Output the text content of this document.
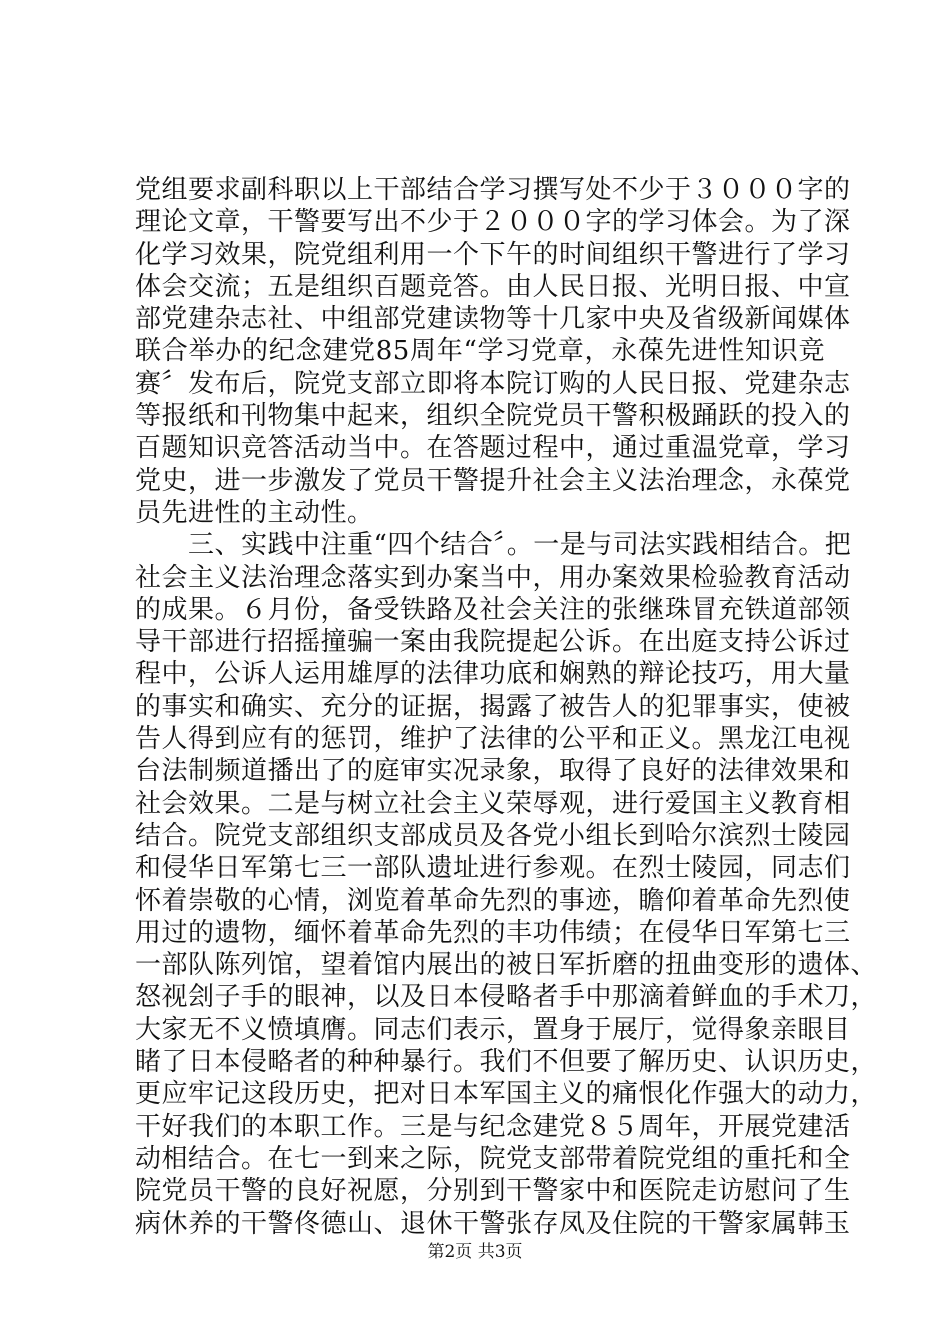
党组要求副科职以上干部结合学习撰写处不少于３０００字的
理论文章，干警要写出不少于２０００字的学习体会。为了深
化学习效果，院党组利用一个下午的时间组织干警进行了学习
体会交流；五是组织百题竞答。由人民日报、光明日报、中宣
部党建杂志社、中组部党建读物等十几家中央及省级新闻媒体
联合举办的纪念建党85周年“学习党章，永葆先进性知识竞
赛〞发布后，院党支部立即将本院订购的人民日报、党建杂志
等报纸和刊物集中起来，组织全院党员干警积极踊跃的投入的
百题知识竞答活动当中。在答题过程中，通过重温党章，学习
党史，进一步激发了党员干警提升社会主义法治理念，永葆党
员先进性的主动性。
　　三、实践中注重“四个结合〞。一是与司法实践相结合。把
社会主义法治理念落实到办案当中，用办案效果检验教育活动
的成果。６月份，备受铁路及社会关注的张继珠冒充铁道部领
导干部进行招摇撞骗一案由我院提起公诉。在出庭支持公诉过
程中，公诉人运用雄厚的法律功底和娴熟的辩论技巧，用大量
的事实和确实、充分的证据，揭露了被告人的犯罪事实，使被
告人得到应有的惩罚，维护了法律的公平和正义。黑龙江电视
台法制频道播出了的庭审实况录象，取得了良好的法律效果和
社会效果。二是与树立社会主义荣辱观，进行爱国主义教育相
结合。院党支部组织支部成员及各党小组长到哈尔滨烈士陵园
和侵华日军第七三一部队遗址进行参观。在烈士陵园，同志们
怀着崇敬的心情，浏览着革命先烈的事迹，瞻仰着革命先烈使
用过的遗物，缅怀着革命先烈的丰功伟绩；在侵华日军第七三
一部队陈列馆，望着馆内展出的被日军折磨的扭曲变形的遗体、
怒视刽子手的眼神，以及日本侵略者手中那滴着鲜血的手术刀，
大家无不义愤填膺。同志们表示，置身于展厅，觉得象亲眼目
睹了日本侵略者的种种暴行。我们不但要了解历史、认识历史，
更应牢记这段历史，把对日本军国主义的痛恨化作强大的动力，
干好我们的本职工作。三是与纪念建党８５周年，开展党建活
动相结合。在七一到来之际，院党支部带着院党组的重托和全
院党员干警的良好祝愿，分别到干警家中和医院走访慰问了生
病休养的干警佟德山、退休干警张存凤及住院的干警家属韩玉
第2页 共3页
